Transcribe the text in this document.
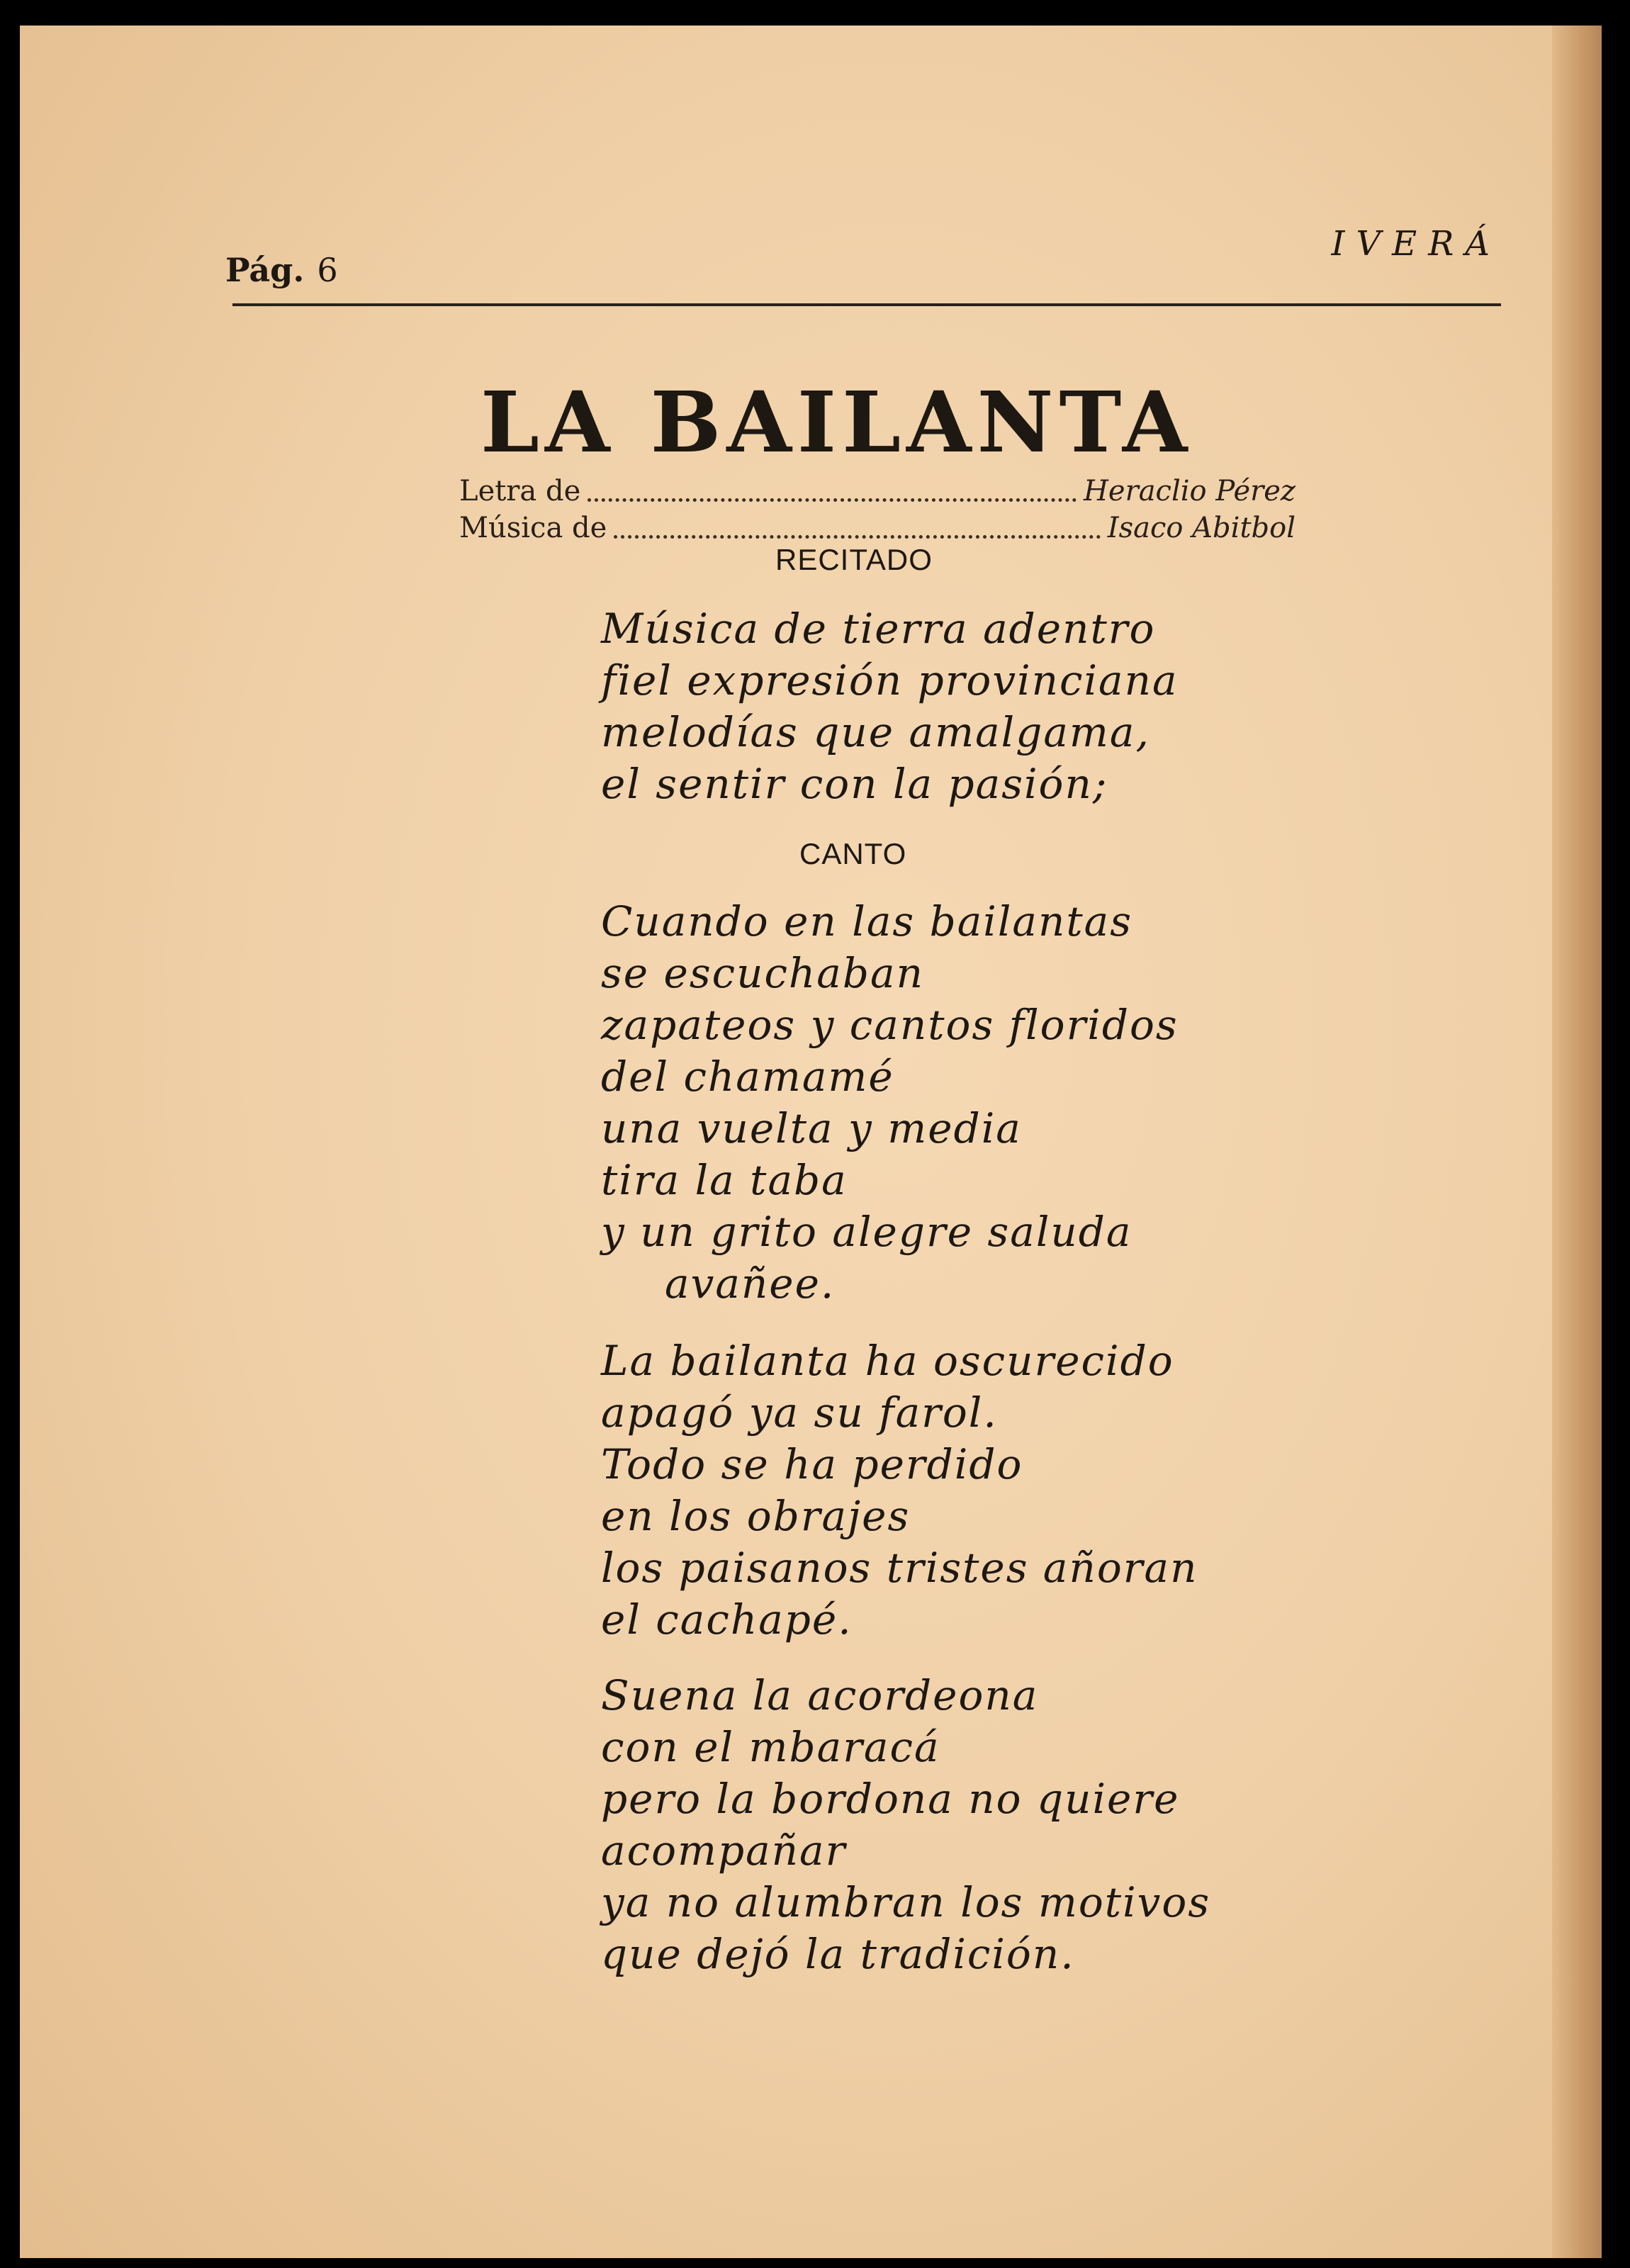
Pág. 6
IVERÁ
LA BAILANTA
Letra de	Heraclio Pérez
Música de	Isaco Abitbol
RECITADO
Música de tierra adentro
fiel expresión provinciana
melodías que amalgama,
el sentir con la pasión;
CANTO
Cuando en las bailantas
se escuchaban
zapateos y cantos floridos
del chamamé
una vuelta y media
tira la taba
y un grito alegre saluda
avañee.
La bailanta ha oscurecido
apagó ya su farol.
Todo se ha perdido
en los obrajes
los paisanos tristes añoran
el cachapé.
Suena la acordeona
con el mbaracá
pero la bordona no quiere
acompañar
ya no alumbran los motivos
que dejó la tradición.
